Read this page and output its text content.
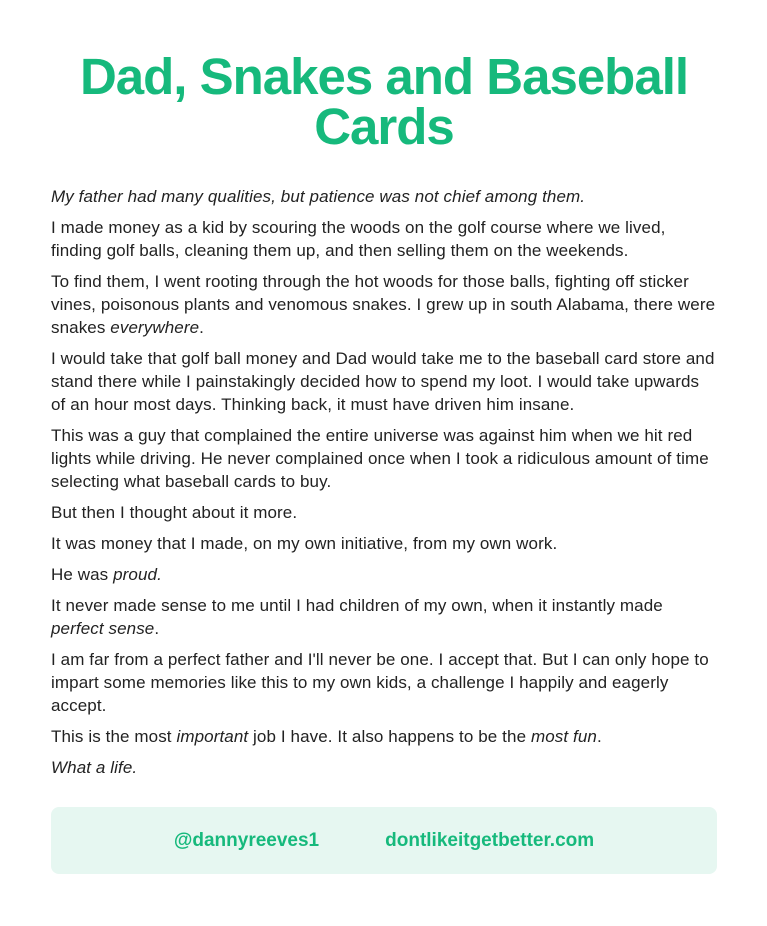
Dad, Snakes and Baseball Cards

My father had many qualities, but patience was not chief among them.

I made money as a kid by scouring the woods on the golf course where we lived, finding golf balls, cleaning them up, and then selling them on the weekends.

To find them, I went rooting through the hot woods for those balls, fighting off sticker vines, poisonous plants and venomous snakes. I grew up in south Alabama, there were snakes everywhere.

I would take that golf ball money and Dad would take me to the baseball card store and stand there while I painstakingly decided how to spend my loot. I would take upwards of an hour most days. Thinking back, it must have driven him insane.

This was a guy that complained the entire universe was against him when we hit red lights while driving. He never complained once when I took a ridiculous amount of time selecting what baseball cards to buy.

But then I thought about it more.

It was money that I made, on my own initiative, from my own work.

He was proud.

It never made sense to me until I had children of my own, when it instantly made perfect sense.

I am far from a perfect father and I'll never be one. I accept that. But I can only hope to impart some memories like this to my own kids, a challenge I happily and eagerly accept.

This is the most important job I have. It also happens to be the most fun.

What a life.

@dannyreeves1	dontlikeitgetbetter.com
